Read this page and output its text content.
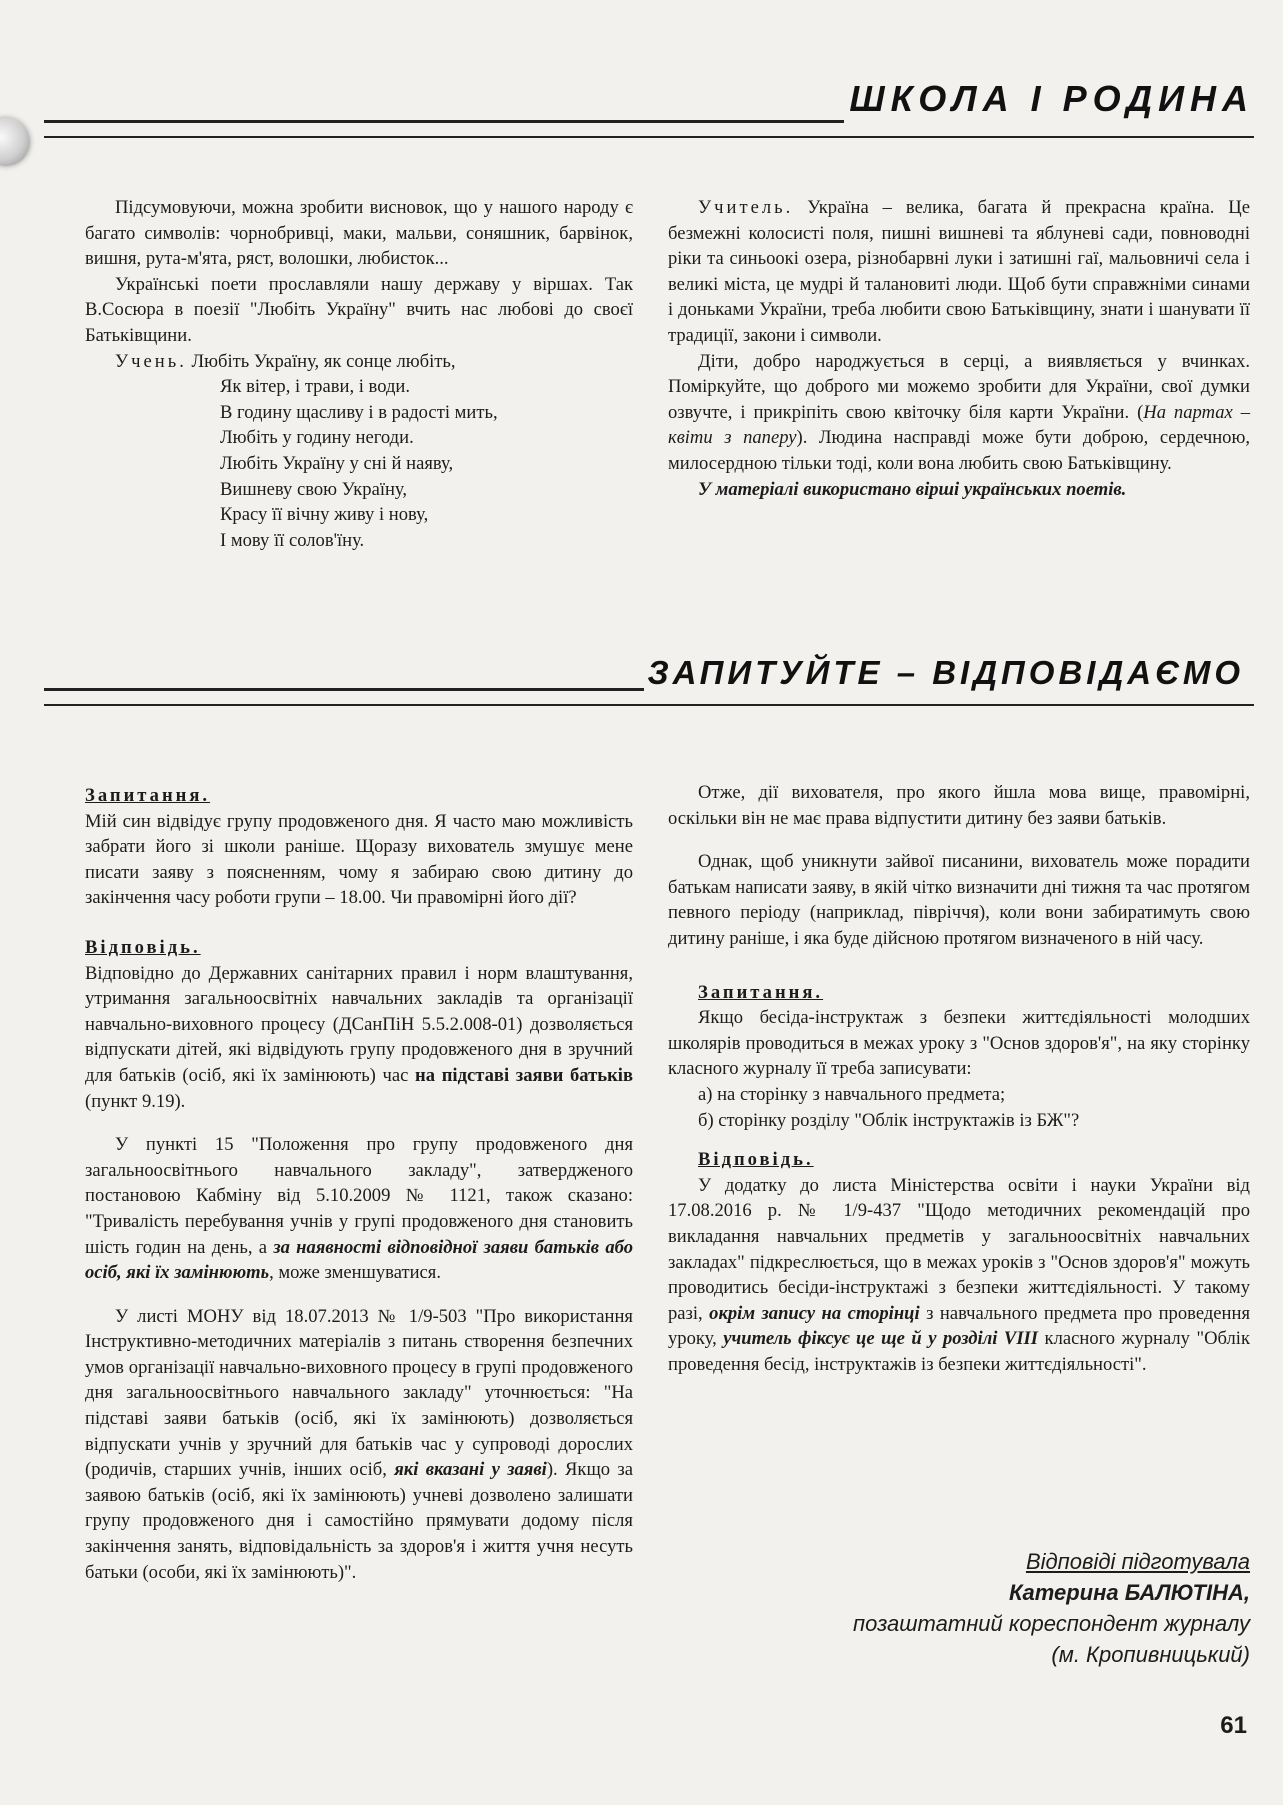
ШКОЛА І РОДИНА

Підсумовуючи, можна зробити висновок, що у нашого народу є багато символів: чорнобривці, маки, мальви, соняшник, барвінок, вишня, рута-м'ята, ряст, волошки, любисток...

Українські поети прославляли нашу державу у віршах. Так В.Сосюра в поезії "Любіть Україну" вчить нас любові до своєї Батьківщини.

Учень. Любіть Україну, як сонце любіть,
Як вітер, і трави, і води.
В годину щасливу і в радості мить,
Любіть у годину негоди.
Любіть Україну у сні й наяву,
Вишневу свою Україну,
Красу її вічну живу і нову,
І мову її солов'їну.

Учитель. Україна – велика, багата й прекрасна країна. Це безмежні колосисті поля, пишні вишневі та яблуневі сади, повноводні ріки та синьоокі озера, різнобарвні луки і затишні гаї, мальовничі села і великі міста, це мудрі й талановиті люди. Щоб бути справжніми синами і доньками України, треба любити свою Батьківщину, знати і шанувати її традиції, закони і символи.

Діти, добро народжується в серці, а виявляється у вчинках. Поміркуйте, що доброго ми можемо зробити для України, свої думки озвучте, і прикріпіть свою квіточку біля карти України. (На партах – квіти з паперу). Людина насправді може бути доброю, сердечною, милосердною тільки тоді, коли вона любить свою Батьківщину.

У матеріалі використано вірші українських поетів.

ЗАПИТУЙТЕ – ВІДПОВІДАЄМО

Запитання.

Мій син відвідує групу продовженого дня. Я часто маю можливість забрати його зі школи раніше. Щоразу вихователь змушує мене писати заяву з поясненням, чому я забираю свою дитину до закінчення часу роботи групи – 18.00. Чи правомірні його дії?

Відповідь.

Відповідно до Державних санітарних правил і норм влаштування, утримання загальноосвітніх навчальних закладів та організації навчально-виховного процесу (ДСанПіН 5.5.2.008-01) дозволяється відпускати дітей, які відвідують групу продовженого дня в зручний для батьків (осіб, які їх замінюють) час на підставі заяви батьків (пункт 9.19).

У пункті 15 "Положення про групу продовженого дня загальноосвітнього навчального закладу", затвердженого постановою Кабміну від 5.10.2009 № 1121, також сказано: "Тривалість перебування учнів у групі продовженого дня становить шість годин на день, а за наявності відповідної заяви батьків або осіб, які їх замінюють, може зменшуватися.

У листі МОНУ від 18.07.2013 № 1/9-503 "Про використання Інструктивно-методичних матеріалів з питань створення безпечних умов організації навчально-виховного процесу в групі продовженого дня загальноосвітнього навчального закладу" уточнюється: "На підставі заяви батьків (осіб, які їх замінюють) дозволяється відпускати учнів у зручний для батьків час у супроводі дорослих (родичів, старших учнів, інших осіб, які вказані у заяві). Якщо за заявою батьків (осіб, які їх замінюють) учневі дозволено залишати групу продовженого дня і самостійно прямувати додому після закінчення занять, відповідальність за здоров'я і життя учня несуть батьки (особи, які їх замінюють)".

Отже, дії вихователя, про якого йшла мова вище, правомірні, оскільки він не має права відпустити дитину без заяви батьків.

Однак, щоб уникнути зайвої писанини, вихователь може порадити батькам написати заяву, в якій чітко визначити дні тижня та час протягом певного періоду (наприклад, півріччя), коли вони забиратимуть свою дитину раніше, і яка буде дійсною протягом визначеного в ній часу.

Запитання.

Якщо бесіда-інструктаж з безпеки життєдіяльності молодших школярів проводиться в межах уроку з "Основ здоров'я", на яку сторінку класного журналу її треба записувати:

а) на сторінку з навчального предмета;

б) сторінку розділу "Облік інструктажів із БЖ"?

Відповідь.

У додатку до листа Міністерства освіти і науки України від 17.08.2016 р. № 1/9-437 "Щодо методичних рекомендацій про викладання навчальних предметів у загальноосвітніх навчальних закладах" підкреслюється, що в межах уроків з "Основ здоров'я" можуть проводитись бесіди-інструктажі з безпеки життєдіяльності. У такому разі, окрім запису на сторінці з навчального предмета про проведення уроку, учитель фіксує це ще й у розділі VIII класного журналу "Облік проведення бесід, інструктажів із безпеки життєдіяльності".

Відповіді підготувала
Катерина БАЛЮТІНА,
позаштатний кореспондент журналу
(м. Кропивницький)
61
